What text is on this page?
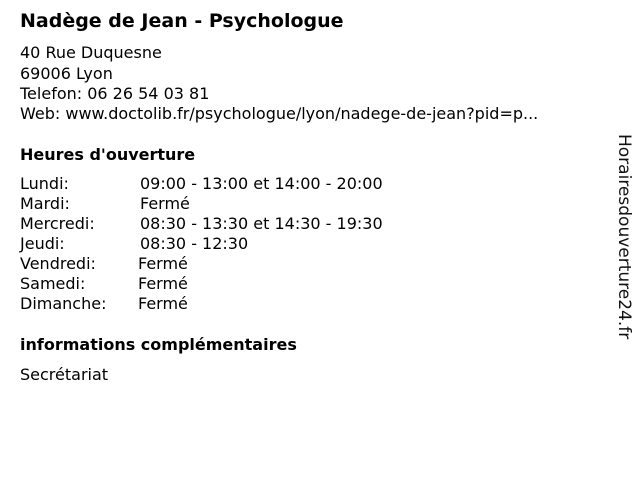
Nadège de Jean - Psychologue
40 Rue Duquesne
69006 Lyon
Telefon: 06 26 54 03 81
Web: www.doctolib.fr/psychologue/lyon/nadege-de-jean?pid=p...
Heures d'ouverture
Lundi:	09:00 - 13:00 et 14:00 - 20:00
Mardi:	Fermé
Mercredi:	08:30 - 13:30 et 14:30 - 19:30
Jeudi:	08:30 - 12:30
Vendredi:	Fermé
Samedi:	Fermé
Dimanche: Fermé
informations complémentaires
Secrétariat
Horairesdouverture24.fr
